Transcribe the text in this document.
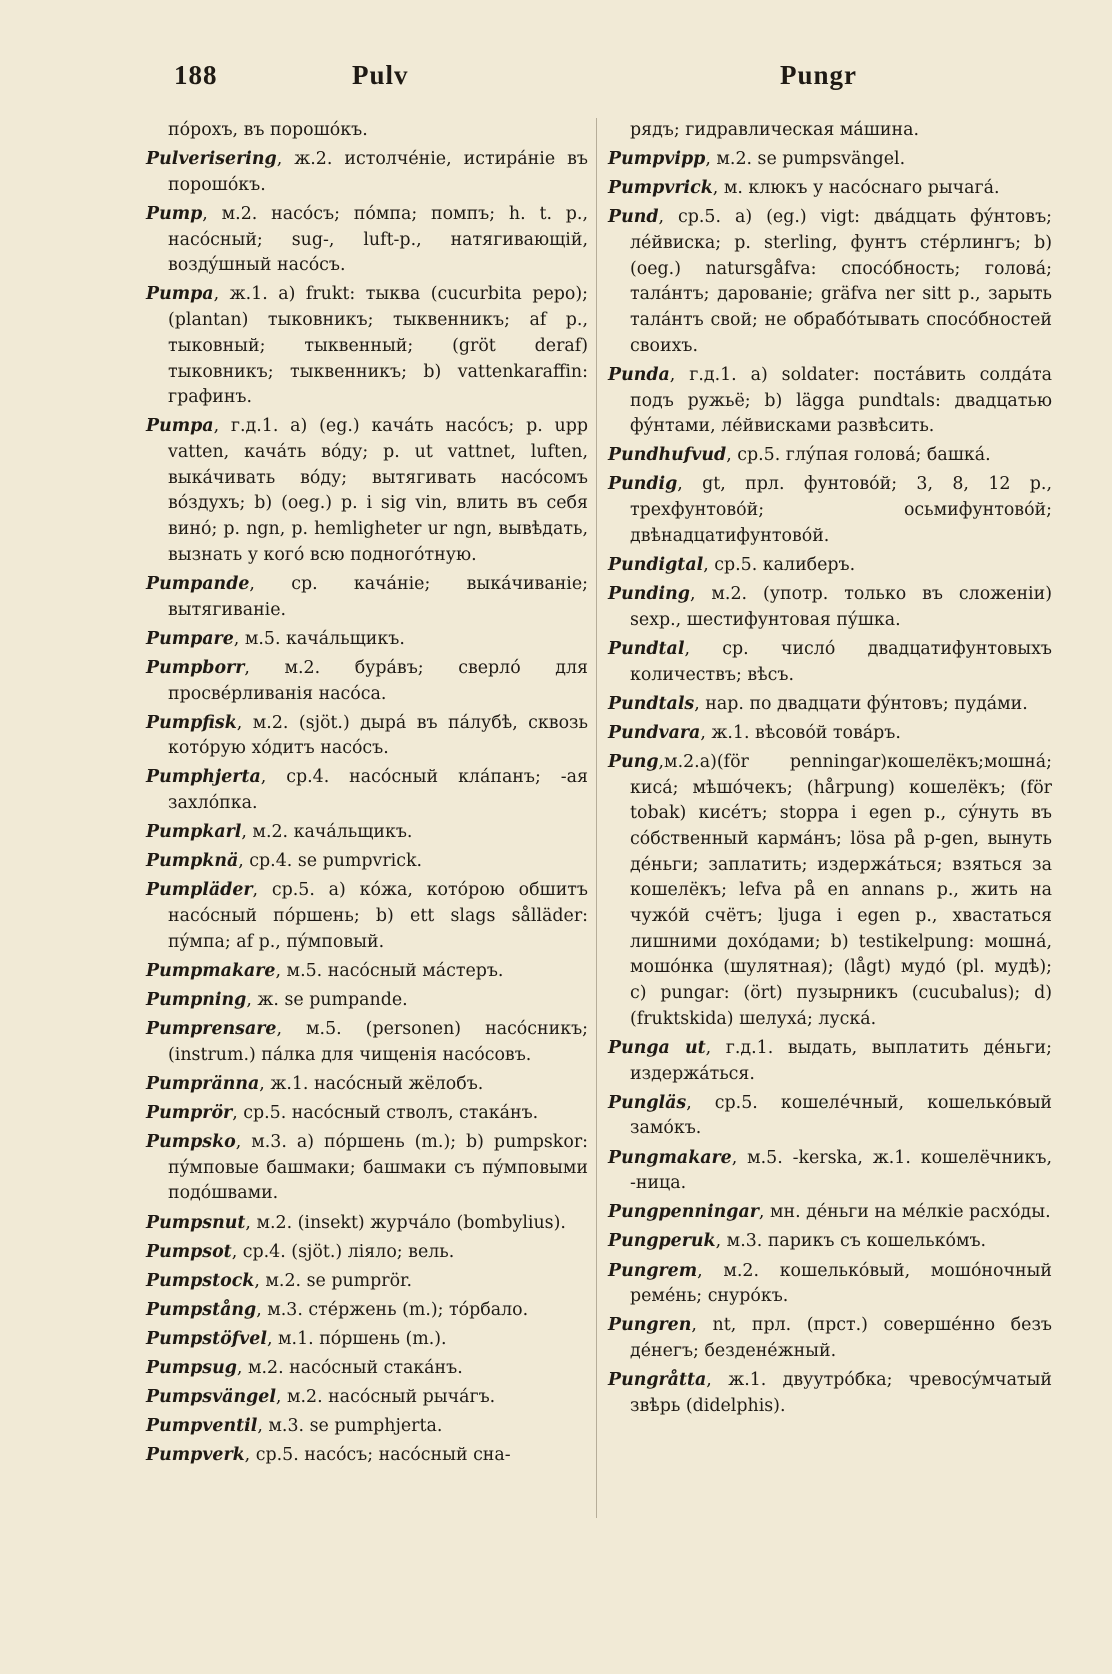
188	Pulv	Pungr
пóрохъ, въ порошóкъ.
Pulverisering, ж.2. истолчéніе, истирáніе въ порошóкъ.
Pump, м.2. насóсъ; пóмпа; помпъ; h. t. p., насóсный; sug-, luft-p., натягивающій, воздýшный насóсъ.
Pumpa, ж.1. a) frukt: тыква (cucurbita pepo); (plantan) тыковникъ; тыквенникъ; af p., тыковный; тыквенный; (gröt deraf) тыковникъ; тыквенникъ; b) vattenkaraffin: графинъ.
Pumpa, г.д.1. a) (eg.) качáть насóсъ; p. upp vatten, качáть вóду; p. ut vattnet, luften, выкáчивать вóду; вытягивать насóсомъ вóздухъ; b) (oeg.) p. i sig vin, влить въ себя винó; p. ngn, p. hemligheter ur ngn, вывѣдать, вызнать у когó всю подногóтную.
Pumpande, ср. качáніе; выкáчиваніе; вытягиваніе.
Pumpare, м.5. качáльщикъ.
Pumpborr, м.2. бурáвъ; сверлó для просвéрливанія насóса.
Pumpfisk, м.2. (sjöt.) дырá въ пáлубѣ, сквозь котóрую хóдитъ насóсъ.
Pumphjerta, ср.4. насóсный клáпанъ; -ая захлóпка.
Pumpkarl, м.2. качáльщикъ.
Pumpknä, ср.4. se pumpvrick.
Pumpläder, ср.5. a) кóжа, котóрою обшитъ насóсный пóршень; b) ett slags sålläder: пýмпа; af p., пýмповый.
Pumpmakare, м.5. насóсный мáстеръ.
Pumpning, ж. se pumpande.
Pumprensare, м.5. (personen) насóсникъ; (instrum.) пáлка для чищенія насóсовъ.
Pumpränna, ж.1. насóсный жёлобъ.
Pumprör, ср.5. насóсный стволъ, стакáнъ.
Pumpsko, м.3. a) пóршень (m.); b) pumpskor: пýмповые башмаки; башмаки съ пýмповыми подóшвами.
Pumpsnut, м.2. (insekt) журчáло (bombylius).
Pumpsot, ср.4. (sjöt.) ліяло; вель.
Pumpstock, м.2. se pumprör.
Pumpstång, м.3. стéржень (m.); тóрбало.
Pumpstöfvel, м.1. пóршень (m.).
Pumpsug, м.2. насóсный стакáнъ.
Pumpsvängel, м.2. насóсный рычáгъ.
Pumpventil, м.3. se pumphjerta.
Pumpverk, ср.5. насóсъ; насóсный сна-
рядъ; гидравлическая мáшина.
Pumpvipp, м.2. se pumpsvängel.
Pumpvrick, м. клюкъ у насóснаго рычагá.
Pund, ср.5. a) (eg.) vigt: двáдцать фýнтовъ; лéйвиска; p. sterling, фунтъ стéрлингъ; b) (oeg.) natursgåfva: спосóбность; головá; талáнтъ; дарованіе; gräfva ner sitt p., зарыть талáнтъ свой; не обрабóтывать спосóбностей своихъ.
Punda, г.д.1. a) soldater: постáвить солдáта подъ ружьё; b) lägga pundtals: двадцатью фýнтами, лéйвисками развѣсить.
Pundhufvud, ср.5. глýпая головá; башкá.
Pundig, gt, прл. фунтовóй; 3, 8, 12 p., трехфунтовóй; осьмифунтовóй; двѣнадцатифунтовóй.
Pundigtal, ср.5. калиберъ.
Punding, м.2. (употр. только въ сложеніи) sexp., шестифунтовая пýшка.
Pundtal, ср. числó двадцатифунтовыхъ количествъ; вѣсъ.
Pundtals, нар. по двадцати фýнтовъ; пудáми.
Pundvara, ж.1. вѣсовóй товáръ.
Pung,м.2.a)(för penningar)кошелёкъ;мошнá; кисá; мѣшóчекъ; (hårpung) кошелёкъ; (för tobak) кисéтъ; stoppa i egen p., сýнуть въ сóбственный кармáнъ; lösa på p-gen, вынуть дéньги; заплатить; издержáться; взяться за кошелёкъ; lefva på en annans p., жить на чужóй счётъ; ljuga i egen p., хвастаться лишними дохóдами; b) testikelpung: мошнá, мошóнка (шулятная); (lågt) мудó (pl. мудѣ); c) pungar: (ört) пузырникъ (cucubalus); d) (fruktskida) шелухá; лускá.
Punga ut, г.д.1. выдать, выплатить дéньги; издержáться.
Pungläs, ср.5. кошелéчный, кошелькóвый замóкъ.
Pungmakare, м.5. -kerska, ж.1. кошелёчникъ, -ница.
Pungpenningar, мн. дéньги на мéлкіе расхóды.
Pungperuk, м.3. парикъ съ кошелькóмъ.
Pungrem, м.2. кошелькóвый, мошóночный ремéнь; снурóкъ.
Pungren, nt, прл. (прст.) совершéнно безъ дéнегъ; безденéжный.
Pungråtta, ж.1. двуутрóбка; чревосýмчатый звѣрь (didelphis).
